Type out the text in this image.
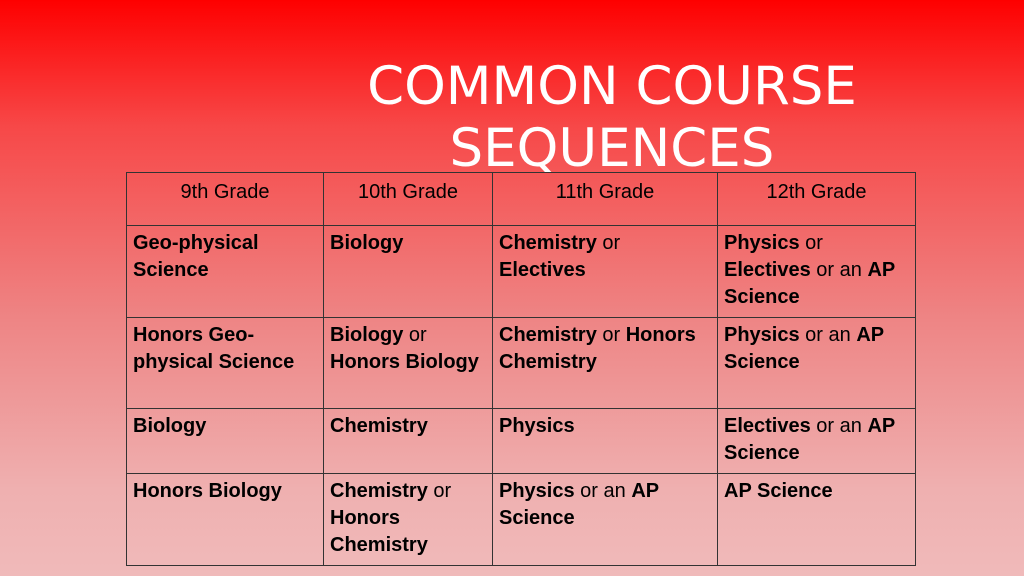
COMMON COURSE
SEQUENCES
9th Grade	10th Grade	11th Grade	12th Grade
Geo-physical Science	Biology	Chemistry or Electives	Physics or Electives or an AP Science
Honors Geo-physical Science	Biology or Honors Biology	Chemistry or Honors Chemistry	Physics or an AP Science
Biology	Chemistry	Physics	Electives or an AP Science
Honors Biology	Chemistry or Honors Chemistry	Physics or an AP Science	AP Science
